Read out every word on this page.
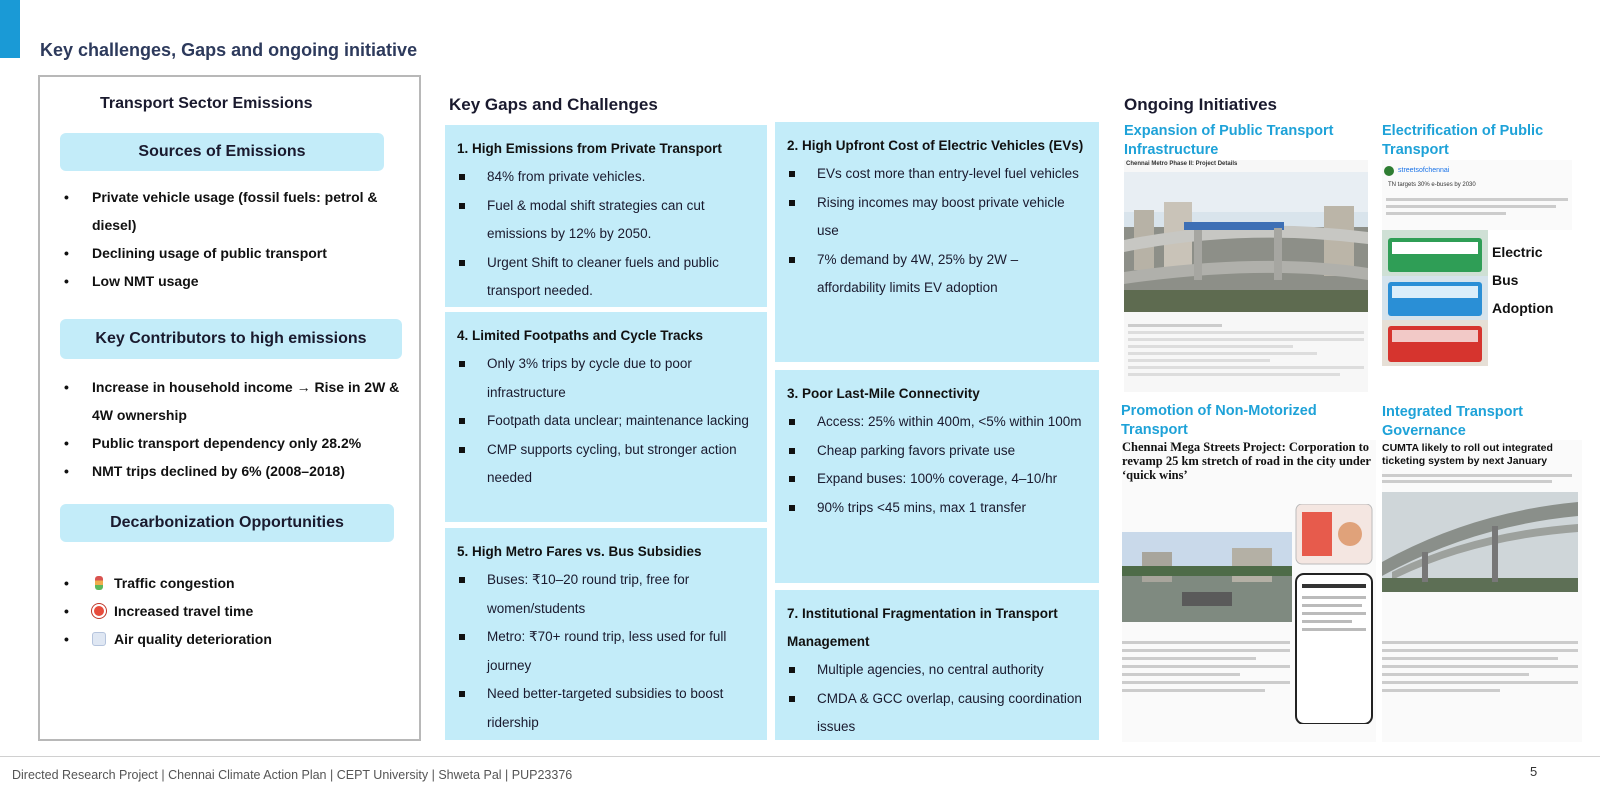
Key challenges, Gaps and ongoing initiative
Transport Sector Emissions
Sources of Emissions
• Private vehicle usage (fossil fuels: petrol & diesel)
• Declining usage of public transport
• Low NMT usage
Key Contributors to high emissions
• Increase in household income → Rise in 2W & 4W ownership
• Public transport dependency only 28.2%
• NMT trips declined by 6% (2008–2018)
Decarbonization Opportunities
• Traffic congestion
• Increased travel time
• Air quality deterioration
Key Gaps and Challenges
1. High Emissions from Private Transport
84% from private vehicles.
Fuel & modal shift strategies can cut emissions by 12% by 2050.
Urgent Shift to cleaner fuels and public transport needed.
4. Limited Footpaths and Cycle Tracks
Only 3% trips by cycle due to poor infrastructure
Footpath data unclear; maintenance lacking
CMP supports cycling, but stronger action needed
5. High Metro Fares vs. Bus Subsidies
Buses: ₹10–20 round trip, free for women/students
Metro: ₹70+ round trip, less used for full journey
Need better-targeted subsidies to boost ridership
2. High Upfront Cost of Electric Vehicles (EVs)
EVs cost more than entry-level fuel vehicles
Rising incomes may boost private vehicle use
7% demand by 4W, 25% by 2W – affordability limits EV adoption
3. Poor Last-Mile Connectivity
Access: 25% within 400m, <5% within 100m
Cheap parking favors private use
Expand buses: 100% coverage, 4–10/hr
90% trips <45 mins, max 1 transfer
7. Institutional Fragmentation in Transport Management
Multiple agencies, no central authority
CMDA & GCC overlap, causing coordination issues
Ongoing Initiatives
Expansion of Public Transport Infrastructure
Electrification of Public Transport
Chennai Metro Phase II: Project Details
streetsofchennai
TN targets 30% e-buses by 2030
Electric
Bus
Adoption
Promotion of Non-Motorized Transport
Integrated Transport Governance
Chennai Mega Streets Project: Corporation to revamp 25 km stretch of road in the city under ‘quick wins’
CUMTA likely to roll out integrated ticketing system by next January
Directed Research Project | Chennai Climate Action Plan | CEPT University | Shweta Pal | PUP23376	5
